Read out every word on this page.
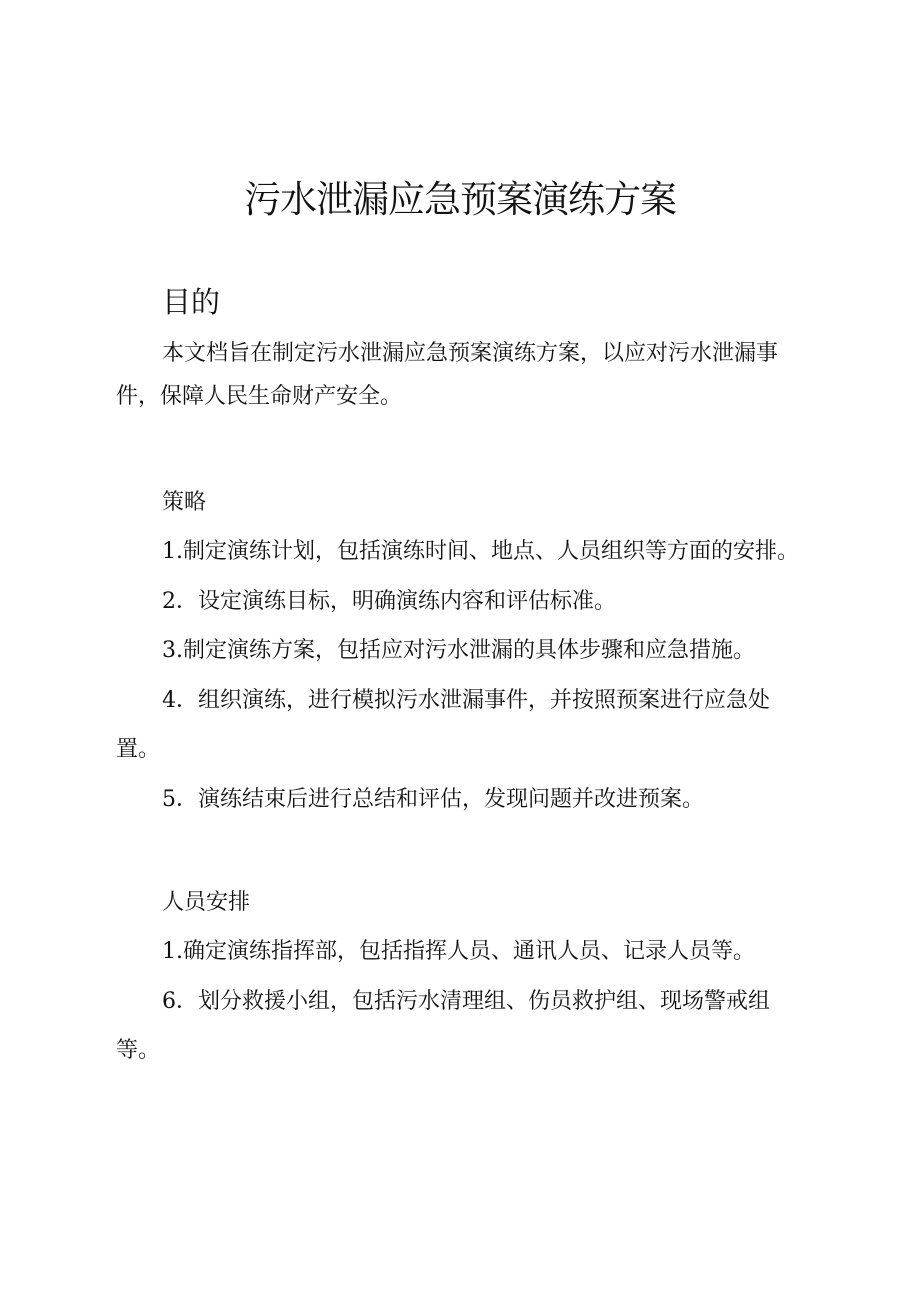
污水泄漏应急预案演练方案
目的

本文档旨在制定污水泄漏应急预案演练方案，以应对污水泄漏事

件，保障人民生命财产安全。

策略

1.制定演练计划，包括演练时间、地点、人员组织等方面的安排。

2．设定演练目标，明确演练内容和评估标准。

3.制定演练方案，包括应对污水泄漏的具体步骤和应急措施。

4．组织演练，进行模拟污水泄漏事件，并按照预案进行应急处

置。

5．演练结束后进行总结和评估，发现问题并改进预案。

人员安排

1.确定演练指挥部，包括指挥人员、通讯人员、记录人员等。

6．划分救援小组，包括污水清理组、伤员救护组、现场警戒组

等。
